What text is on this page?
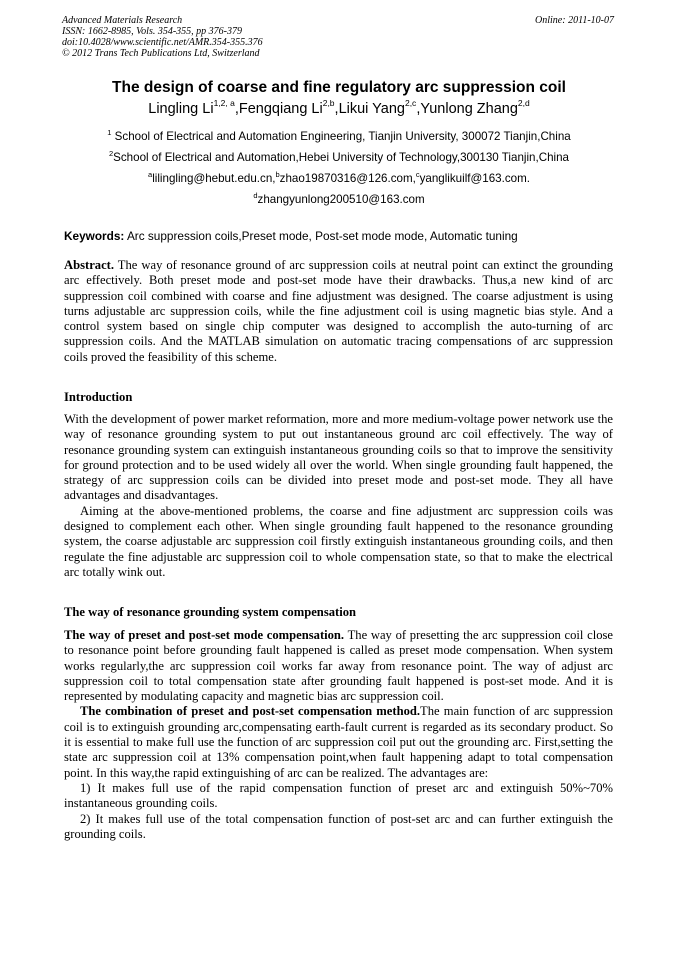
Advanced Materials Research
ISSN: 1662-8985, Vols. 354-355, pp 376-379
doi:10.4028/www.scientific.net/AMR.354-355.376
© 2012 Trans Tech Publications Ltd, Switzerland
Online: 2011-10-07
The design of coarse and fine regulatory arc suppression coil
Lingling Li$^{1,2, a}$,Fengqiang Li$^{2,b}$,Likui Yang$^{2,c}$,Yunlong Zhang$^{2,d}$
$^1$ School of Electrical and Automation Engineering, Tianjin University, 300072 Tianjin,China
$^2$School of Electrical and Automation,Hebei University of Technology,300130 Tianjin,China
$^a$lilingling@hebut.edu.cn,$^b$zhao19870316@126.com,$^c$yanglikuilf@163.com.
$^d$zhangyunlong200510@163.com
Keywords: Arc suppression coils,Preset mode, Post-set mode mode, Automatic tuning

Abstract. The way of resonance ground of arc suppression coils at neutral point can extinct the grounding arc effectively. Both preset mode and post-set mode have their drawbacks. Thus,a new kind of arc suppression coil combined with coarse and fine adjustment was designed. The coarse adjustment is using turns adjustable arc suppression coils, while the fine adjustment coil is using magnetic bias style. And a control system based on single chip computer was designed to accomplish the auto-turning of arc suppression coils. And the MATLAB simulation on automatic tracing compensations of arc suppression coils proved the feasibility of this scheme.

Introduction

With the development of power market reformation, more and more medium-voltage power network use the way of resonance grounding system to put out instantaneous ground arc coil effectively. The way of resonance grounding system can extinguish instantaneous grounding coils so that to improve the sensitivity for ground protection and to be used widely all over the world. When single grounding fault happened, the strategy of arc suppression coils can be divided into preset mode and post-set mode. They all have advantages and disadvantages.

Aiming at the above-mentioned problems, the coarse and fine adjustment arc suppression coils was designed to complement each other. When single grounding fault happened to the resonance grounding system, the coarse adjustable arc suppression coil firstly extinguish instantaneous grounding coils, and then regulate the fine adjustable arc suppression coil to whole compensation state, so that to make the electrical arc totally wink out.

The way of resonance grounding system compensation

The way of preset and post-set mode compensation. The way of presetting the arc suppression coil close to resonance point before grounding fault happened is called as preset mode compensation. When system works regularly,the arc suppression coil works far away from resonance point. The way of adjust arc suppression coil to total compensation state after grounding fault happened is post-set mode. And it is represented by modulating capacity and magnetic bias arc suppression coil.

The combination of preset and post-set compensation method.The main function of arc suppression coil is to extinguish grounding arc,compensating earth-fault current is regarded as its secondary product. So it is essential to make full use the function of arc suppression coil put out the grounding arc. First,setting the state arc suppression coil at 13% compensation point,when fault happening adapt to total compensation point. In this way,the rapid extinguishing of arc can be realized. The advantages are:

1) It makes full use of the rapid compensation function of preset arc and extinguish 50%~70% instantaneous grounding coils.

2) It makes full use of the total compensation function of post-set arc and can further extinguish the grounding coils.
